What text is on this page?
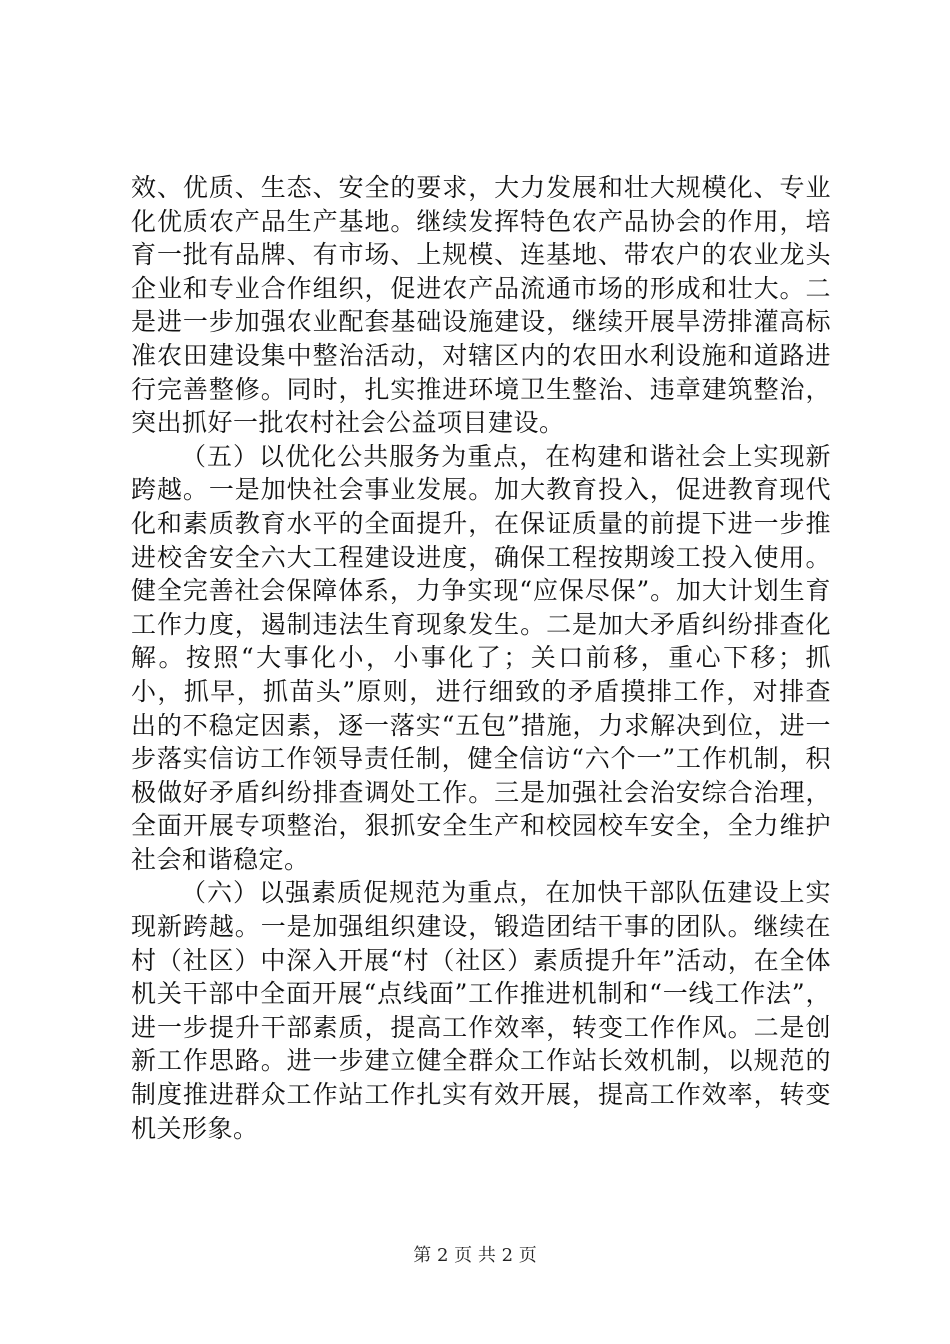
效、优质、生态、安全的要求，大力发展和壮大规模化、专业化优质农产品生产基地。继续发挥特色农产品协会的作用，培育一批有品牌、有市场、上规模、连基地、带农户的农业龙头企业和专业合作组织，促进农产品流通市场的形成和壮大。二是进一步加强农业配套基础设施建设，继续开展旱涝排灌高标准农田建设集中整治活动，对辖区内的农田水利设施和道路进行完善整修。同时，扎实推进环境卫生整治、违章建筑整治，突出抓好一批农村社会公益项目建设。

（五）以优化公共服务为重点，在构建和谐社会上实现新跨越。一是加快社会事业发展。加大教育投入，促进教育现代化和素质教育水平的全面提升，在保证质量的前提下进一步推进校舍安全六大工程建设进度，确保工程按期竣工投入使用。健全完善社会保障体系，力争实现“应保尽保”。加大计划生育工作力度，遏制违法生育现象发生。二是加大矛盾纠纷排查化解。按照“大事化小，小事化了；关口前移，重心下移；抓小，抓早，抓苗头”原则，进行细致的矛盾摸排工作，对排查出的不稳定因素，逐一落实“五包”措施，力求解决到位，进一步落实信访工作领导责任制，健全信访“六个一”工作机制，积极做好矛盾纠纷排查调处工作。三是加强社会治安综合治理，全面开展专项整治，狠抓安全生产和校园校车安全，全力维护社会和谐稳定。

（六）以强素质促规范为重点，在加快干部队伍建设上实现新跨越。一是加强组织建设，锻造团结干事的团队。继续在村（社区）中深入开展“村（社区）素质提升年”活动，在全体机关干部中全面开展“点线面”工作推进机制和“一线工作法”，进一步提升干部素质，提高工作效率，转变工作作风。二是创新工作思路。进一步建立健全群众工作站长效机制，以规范的制度推进群众工作站工作扎实有效开展，提高工作效率，转变机关形象。

第 2 页 共 2 页
